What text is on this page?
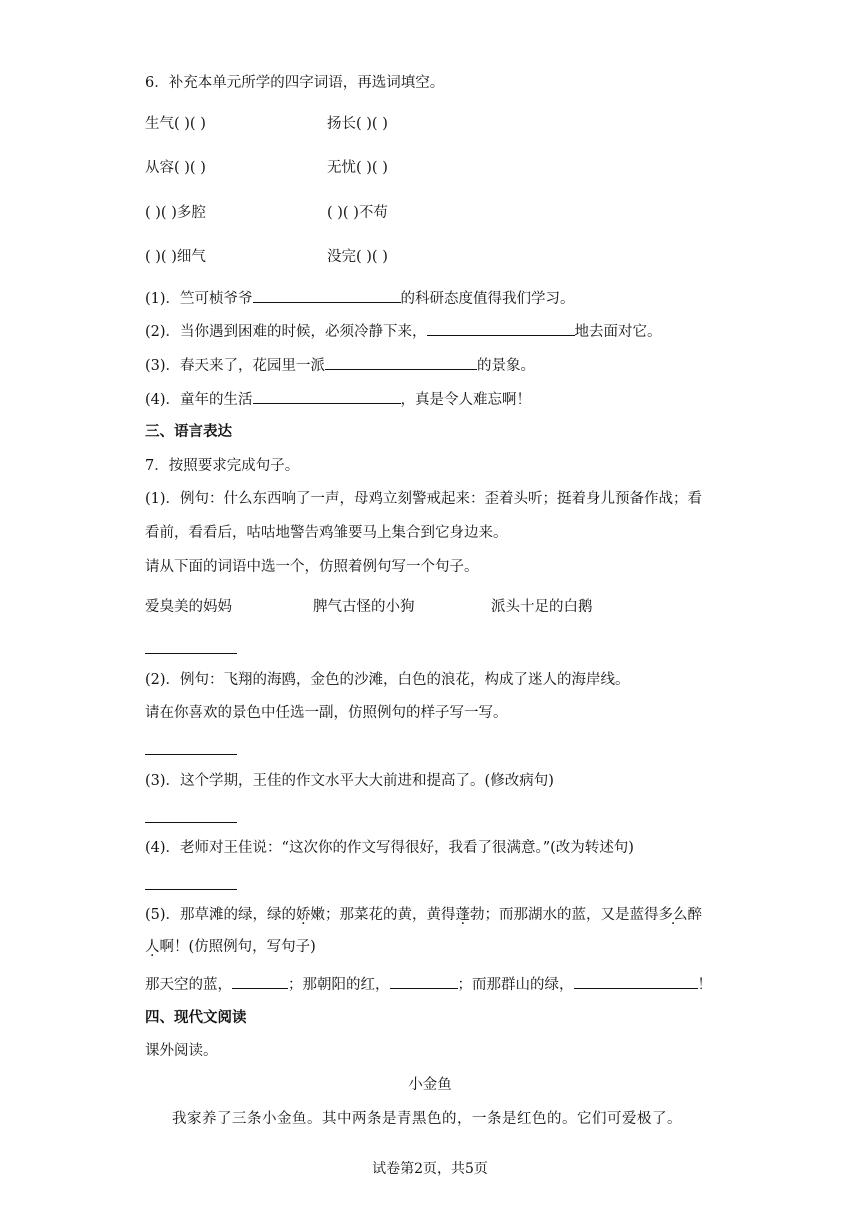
6．补充本单元所学的四字词语，再选词填空。
生气( )( )	扬长( )( )
从容( )( )	无忧( )( )
( )( )多腔	( )( )不苟
( )( )细气	没完( )( )
(1)．竺可桢爷爷	的科研态度值得我们学习。
(2)．当你遇到困难的时候，必须冷静下来，	地去面对它。
(3)．春天来了，花园里一派	的景象。
(4)．童年的生活	，真是令人难忘啊！
三、语言表达
7．按照要求完成句子。
(1)．例句：什么东西响了一声，母鸡立刻警戒起来：歪着头听；挺着身儿预备作战；看
看前，看看后，咕咕地警告鸡雏要马上集合到它身边来。
请从下面的词语中选一个，仿照着例句写一个句子。
爱臭美的妈妈	脾气古怪的小狗	派头十足的白鹅
(2)．例句：飞翔的海鸥，金色的沙滩，白色的浪花，构成了迷人的海岸线。
请在你喜欢的景色中任选一副，仿照例句的样子写一写。
(3)．这个学期，王佳的作文水平大大前进和提高了。(修改病句)
(4)．老师对王佳说：“这次你的作文写得很好，我看了很满意。”(改为转述句)
(5)．那草滩的绿，绿的娇嫩；那菜花的黄，黄得蓬勃；而那湖水的蓝，又是蓝得多么醉
人啊！(仿照例句，写句子)
那天空的蓝，	；那朝阳的红，	；而那群山的绿，	！
四、现代文阅读
课外阅读。
小金鱼
我家养了三条小金鱼。其中两条是青黑色的，一条是红色的。它们可爱极了。
试卷第2页，共5页
